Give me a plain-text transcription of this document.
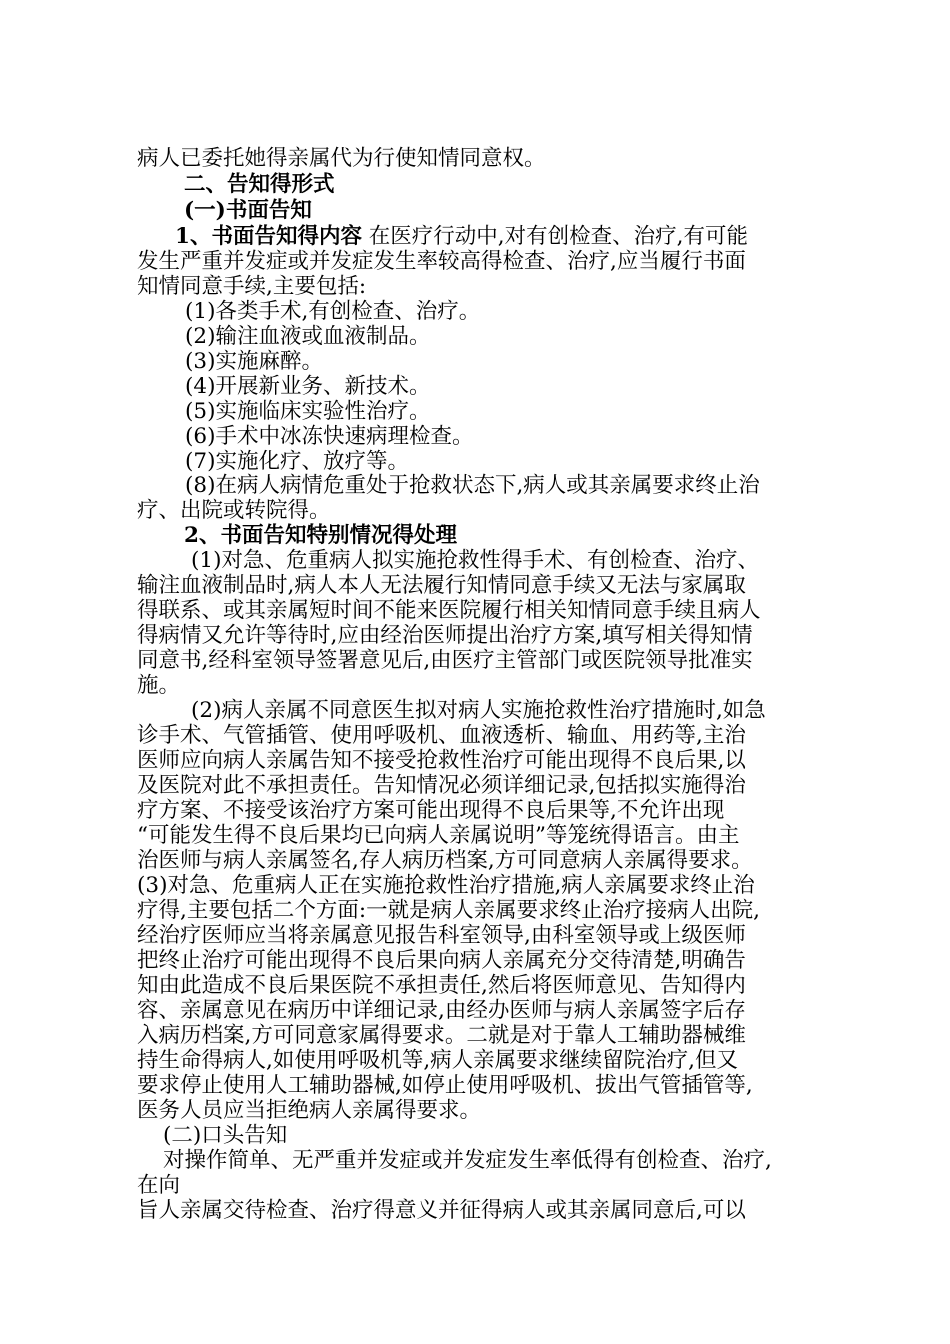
病人已委托她得亲属代为行使知情同意权。
二、告知得形式
(一)书面告知
1、书面告知得内容 在医疗行动中,对有创检查、治疗,有可能
发生严重并发症或并发症发生率较高得检查、治疗,应当履行书面
知情同意手续,主要包括:
(1)各类手术,有创检查、治疗。
(2)输注血液或血液制品。
(3)实施麻醉。
(4)开展新业务、新技术。
(5)实施临床实验性治疗。
(6)手术中冰冻快速病理检查。
(7)实施化疗、放疗等。
(8)在病人病情危重处于抢救状态下,病人或其亲属要求终止治
疗、出院或转院得。
2、书面告知特别情况得处理
(1)对急、危重病人拟实施抢救性得手术、有创检查、治疗、
输注血液制品时,病人本人无法履行知情同意手续又无法与家属取
得联系、或其亲属短时间不能来医院履行相关知情同意手续且病人
得病情又允许等待时,应由经治医师提出治疗方案,填写相关得知情
同意书,经科室领导签署意见后,由医疗主管部门或医院领导批准实
施。
(2)病人亲属不同意医生拟对病人实施抢救性治疗措施时,如急
诊手术、气管插管、使用呼吸机、血液透析、输血、用药等,主治
医师应向病人亲属告知不接受抢救性治疗可能出现得不良后果,以
及医院对此不承担责任。告知情况必须详细记录,包括拟实施得治
疗方案、不接受该治疗方案可能出现得不良后果等,不允许出现
“可能发生得不良后果均已向病人亲属说明”等笼统得语言。由主
治医师与病人亲属签名,存人病历档案,方可同意病人亲属得要求。
(3)对急、危重病人正在实施抢救性治疗措施,病人亲属要求终止治
疗得,主要包括二个方面:一就是病人亲属要求终止治疗接病人出院,
经治疗医师应当将亲属意见报告科室领导,由科室领导或上级医师
把终止治疗可能出现得不良后果向病人亲属充分交待清楚,明确告
知由此造成不良后果医院不承担责任,然后将医师意见、告知得内
容、亲属意见在病历中详细记录,由经办医师与病人亲属签字后存
入病历档案,方可同意家属得要求。二就是对于靠人工辅助器械维
持生命得病人,如使用呼吸机等,病人亲属要求继续留院治疗,但又
要求停止使用人工辅助器械,如停止使用呼吸机、拔出气管插管等,
医务人员应当拒绝病人亲属得要求。
(二)口头告知
对操作简单、无严重并发症或并发症发生率低得有创检查、治疗,
在向
旨人亲属交待检查、治疗得意义并征得病人或其亲属同意后,可以
